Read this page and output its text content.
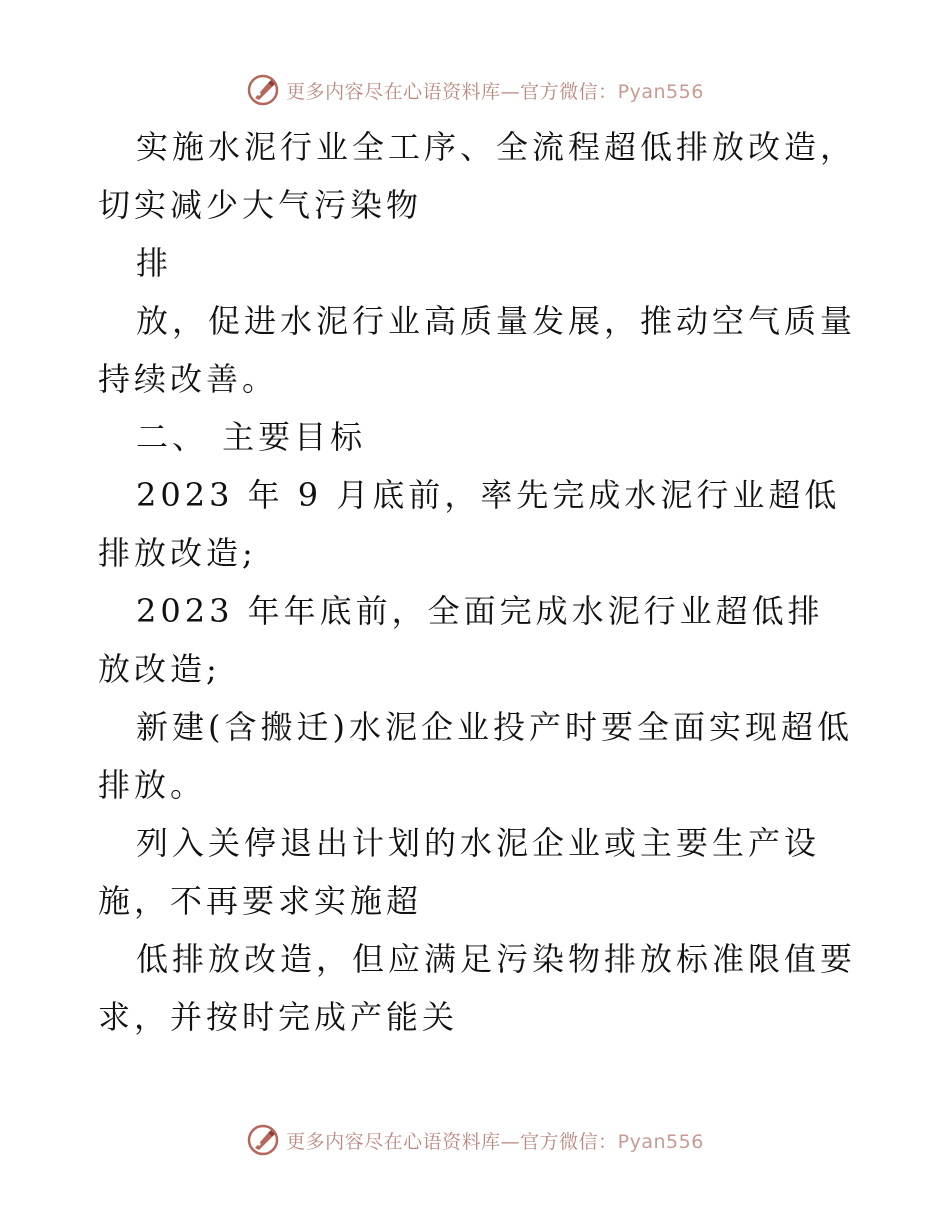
更多内容尽在心语资料库—官方微信：Pyan556

实施水泥行业全工序、全流程超低排放改造，切实减少大气污染物

排

放，促进水泥行业高质量发展，推动空气质量持续改善。

二、 主要目标

2023 年 9 月底前，率先完成水泥行业超低排放改造;

2023 年年底前，全面完成水泥行业超低排放改造;

新建(含搬迁)水泥企业投产时要全面实现超低排放。

列入关停退出计划的水泥企业或主要生产设施，不再要求实施超

低排放改造，但应满足污染物排放标准限值要求，并按时完成产能关

更多内容尽在心语资料库—官方微信：Pyan556
